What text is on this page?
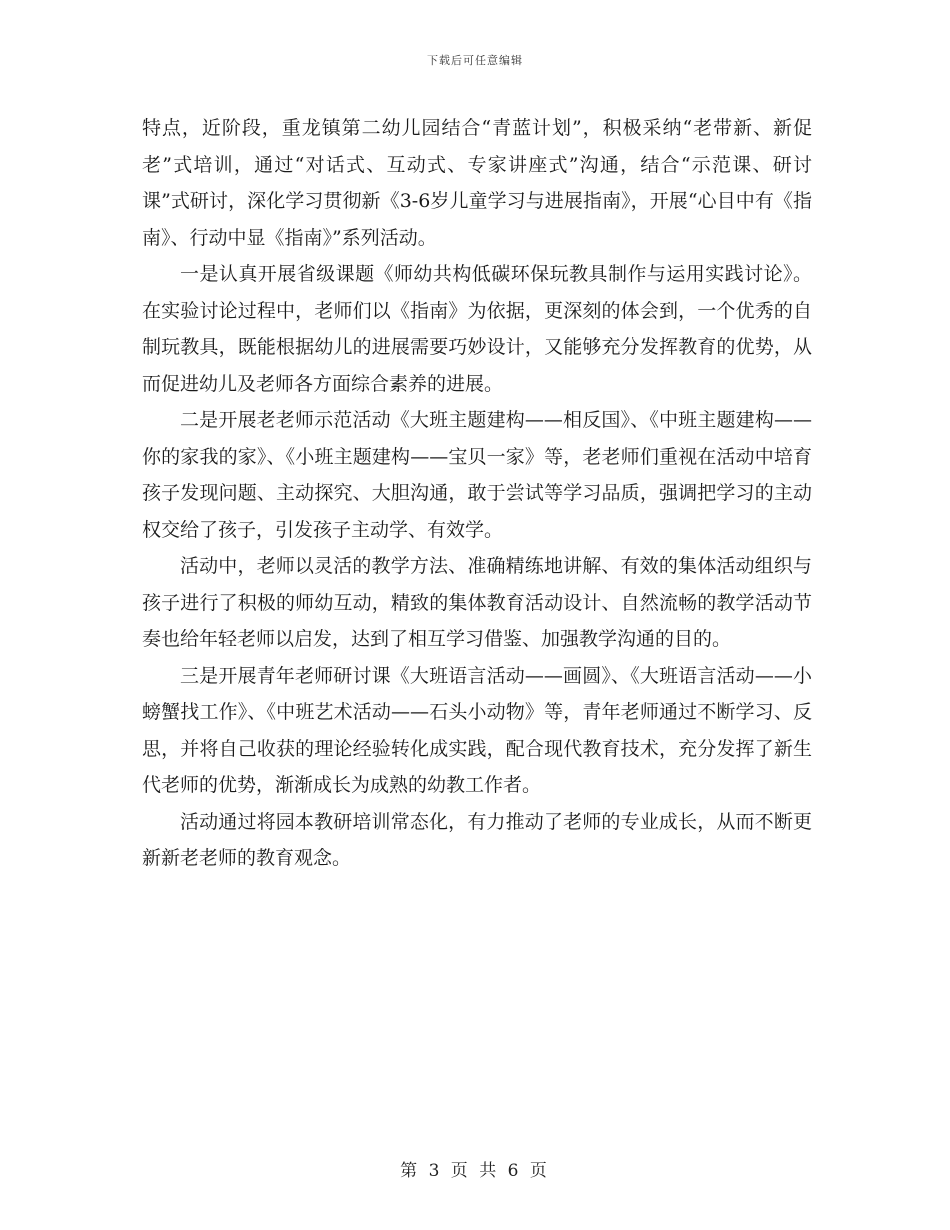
下载后可任意编辑

特点，近阶段，重龙镇第二幼儿园结合“青蓝计划”，积极采纳“老带新、新促老”式培训，通过“对话式、互动式、专家讲座式”沟通，结合“示范课、研讨课”式研讨，深化学习贯彻新《3-6岁儿童学习与进展指南》，开展“心目中有《指南》、行动中显《指南》”系列活动。

一是认真开展省级课题《师幼共构低碳环保玩教具制作与运用实践讨论》。 在实验讨论过程中，老师们以《指南》为依据，更深刻的体会到，一个优秀的自制玩教具，既能根据幼儿的进展需要巧妙设计，又能够充分发挥教育的优势，从而促进幼儿及老师各方面综合素养的进展。

二是开展老老师示范活动《大班主题建构——相反国》、《中班主题建构——你的家我的家》、《小班主题建构——宝贝一家》等，老老师们重视在活动中培育孩子发现问题、主动探究、大胆沟通，敢于尝试等学习品质，强调把学习的主动权交给了孩子，引发孩子主动学、有效学。

活动中，老师以灵活的教学方法、准确精练地讲解、有效的集体活动组织与孩子进行了积极的师幼互动，精致的集体教育活动设计、自然流畅的教学活动节奏也给年轻老师以启发，达到了相互学习借鉴、加强教学沟通的目的。

三是开展青年老师研讨课《大班语言活动——画圆》、《大班语言活动——小螃蟹找工作》、《中班艺术活动——石头小动物》等，青年老师通过不断学习、反思，并将自己收获的理论经验转化成实践，配合现代教育技术，充分发挥了新生代老师的优势，渐渐成长为成熟的幼教工作者。

活动通过将园本教研培训常态化，有力推动了老师的专业成长，从而不断更新新老老师的教育观念。

第 3 页 共 6 页
